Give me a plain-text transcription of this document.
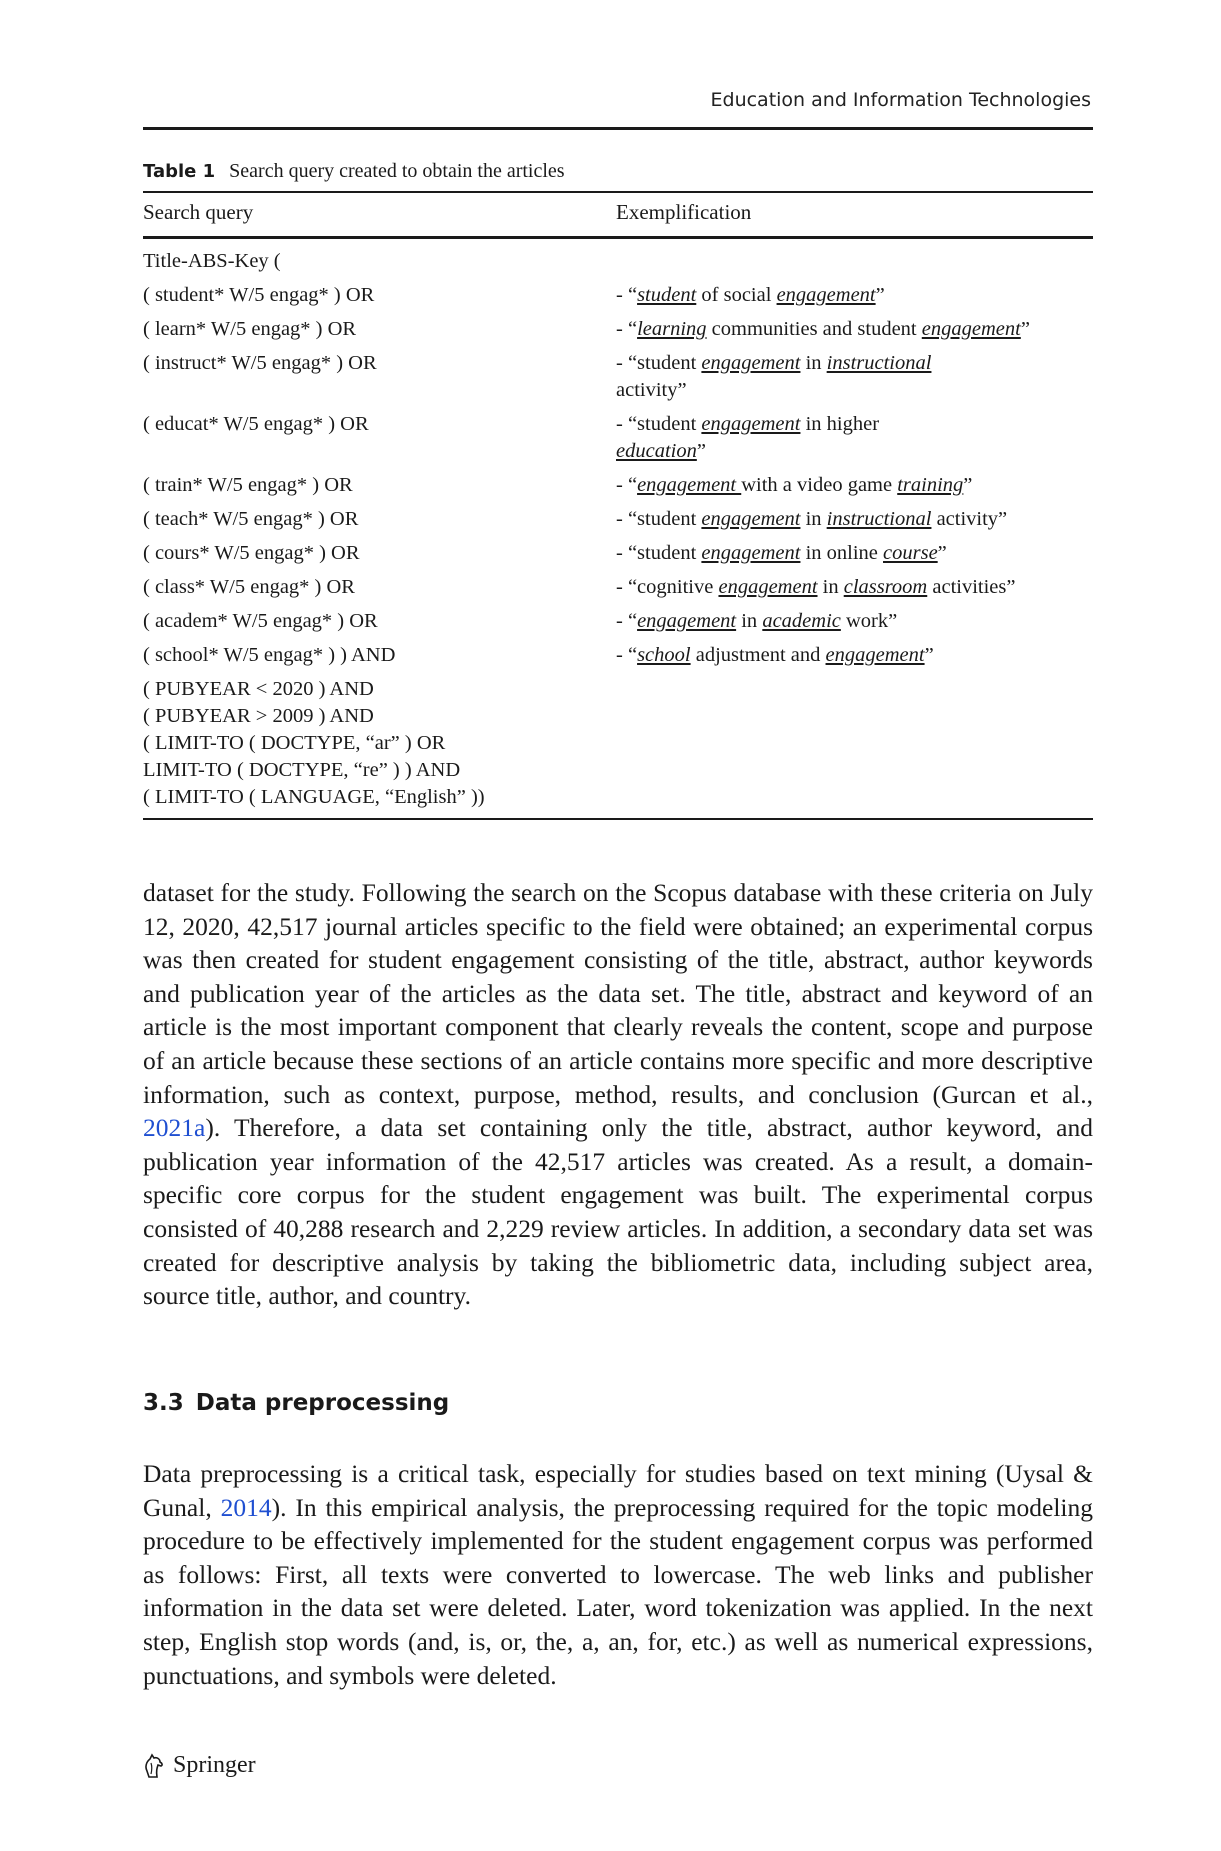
Education and Information Technologies
Table 1 Search query created to obtain the articles
Search query	Exemplification
Title-ABS-Key (
( student* W/5 engag* ) OR	- “student of social engagement”
( learn* W/5 engag* ) OR	- “learning communities and student engagement”
( instruct* W/5 engag* ) OR	- “student engagement in instructional
activity”
( educat* W/5 engag* ) OR	- “student engagement in higher
education”
( train* W/5 engag* ) OR	- “engagement with a video game training”
( teach* W/5 engag* ) OR	- “student engagement in instructional activity”
( cours* W/5 engag* ) OR	- “student engagement in online course”
( class* W/5 engag* ) OR	- “cognitive engagement in classroom activities”
( academ* W/5 engag* ) OR	- “engagement in academic work”
( school* W/5 engag* ) ) AND	- “school adjustment and engagement”
( PUBYEAR < 2020 ) AND
( PUBYEAR > 2009 ) AND
( LIMIT-TO ( DOCTYPE, “ar” ) OR
LIMIT-TO ( DOCTYPE, “re” ) ) AND
( LIMIT-TO ( LANGUAGE, “English” ))

dataset for the study. Following the search on the Scopus database with these criteria on July 12, 2020, 42,517 journal articles specific to the field were obtained; an experimental corpus was then created for student engagement consisting of the title, abstract, author keywords and publication year of the articles as the data set. The title, abstract and keyword of an article is the most important component that clearly reveals the content, scope and purpose of an article because these sections of an article contains more specific and more descriptive information, such as context, purpose, method, results, and conclusion (Gurcan et al., 2021a). Therefore, a data set containing only the title, abstract, author keyword, and publication year information of the 42,517 articles was created. As a result, a domain-specific core corpus for the student engagement was built. The experimental corpus consisted of 40,288 research and 2,229 review articles. In addition, a secondary data set was created for descriptive analysis by taking the bibliometric data, including subject area, source title, author, and country.

3.3 Data preprocessing

Data preprocessing is a critical task, especially for studies based on text mining (Uysal & Gunal, 2014). In this empirical analysis, the preprocessing required for the topic modeling procedure to be effectively implemented for the student engagement corpus was performed as follows: First, all texts were converted to lowercase. The web links and publisher information in the data set were deleted. Later, word tokenization was applied. In the next step, English stop words (and, is, or, the, a, an, for, etc.) as well as numerical expressions, punctuations, and symbols were deleted.

Springer
